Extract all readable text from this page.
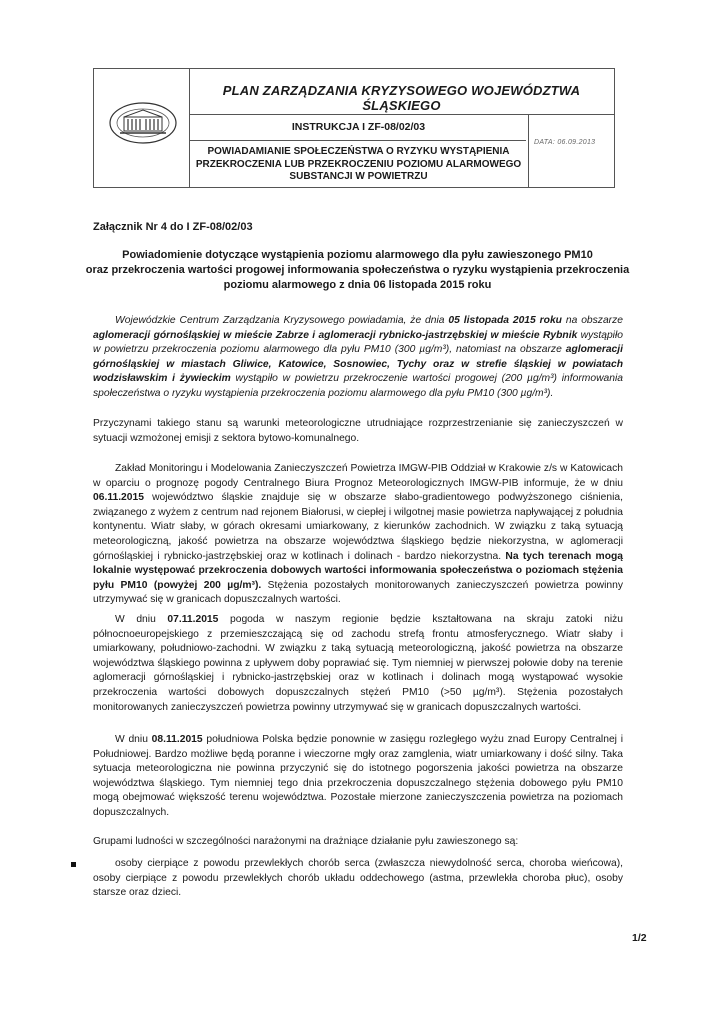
PLAN ZARZĄDZANIA KRYZYSOWEGO WOJEWÓDZTWA ŚLĄSKIEGO
INSTRUKCJA I ZF-08/02/03
POWIADAMIANIE SPOŁECZEŃSTWA O RYZYKU WYSTĄPIENIA
PRZEKROCZENIA LUB PRZEKROCZENIU POZIOMU ALARMOWEGO
SUBSTANCJI W POWIETRZU
DATA: 06.09.2013
Załącznik Nr 4 do I ZF-08/02/03
Powiadomienie dotyczące wystąpienia poziomu alarmowego dla pyłu zawieszonego PM10
oraz przekroczenia wartości progowej informowania społeczeństwa o ryzyku wystąpienia przekroczenia
poziomu alarmowego z dnia 06 listopada 2015 roku
Wojewódzkie Centrum Zarządzania Kryzysowego powiadamia, że dnia 05 listopada 2015 roku na obszarze aglomeracji górnośląskiej w mieście Zabrze i aglomeracji rybnicko-jastrzębskiej w mieście Rybnik wystąpiło w powietrzu przekroczenia poziomu alarmowego dla pyłu PM10 (300 µg/m³), natomiast na obszarze aglomeracji górnośląskiej w miastach Gliwice, Katowice, Sosnowiec, Tychy oraz w strefie śląskiej w powiatach wodzisławskim i żywieckim wystąpiło w powietrzu przekroczenie wartości progowej (200 µg/m³) informowania społeczeństwa o ryzyku wystąpienia przekroczenia poziomu alarmowego dla pyłu PM10 (300 µg/m³).
Przyczynami takiego stanu są warunki meteorologiczne utrudniające rozprzestrzenianie się zanieczyszczeń w sytuacji wzmożonej emisji z sektora bytowo-komunalnego.
Zakład Monitoringu i Modelowania Zanieczyszczeń Powietrza IMGW-PIB Oddział w Krakowie z/s w Katowicach w oparciu o prognozę pogody Centralnego Biura Prognoz Meteorologicznych IMGW-PIB informuje, że w dniu 06.11.2015 województwo śląskie znajduje się w obszarze słabo-gradientowego podwyższonego ciśnienia, związanego z wyżem z centrum nad rejonem Białorusi, w ciepłej i wilgotnej masie powietrza napływającej z południa kontynentu. Wiatr słaby, w górach okresami umiarkowany, z kierunków zachodnich. W związku z taką sytuacją meteorologiczną, jakość powietrza na obszarze województwa śląskiego będzie niekorzystna, w aglomeracji górnośląskiej i rybnicko-jastrzębskiej oraz w kotlinach i dolinach - bardzo niekorzystna. Na tych terenach mogą lokalnie występować przekroczenia dobowych wartości informowania społeczeństwa o poziomach stężenia pyłu PM10 (powyżej 200 µg/m³). Stężenia pozostałych monitorowanych zanieczyszczeń powietrza powinny utrzymywać się w granicach dopuszczalnych wartości.
W dniu 07.11.2015 pogoda w naszym regionie będzie kształtowana na skraju zatoki niżu północnoeuropejskiego z przemieszczającą się od zachodu strefą frontu atmosferycznego. Wiatr słaby i umiarkowany, południowo-zachodni. W związku z taką sytuacją meteorologiczną, jakość powietrza na obszarze województwa śląskiego powinna z upływem doby poprawiać się. Tym niemniej w pierwszej połowie doby na terenie aglomeracji górnośląskiej i rybnicko-jastrzębskiej oraz w kotlinach i dolinach mogą wystąpować wysokie przekroczenia wartości dobowych dopuszczalnych stężeń PM10 (>50 µg/m³). Stężenia pozostałych monitorowanych zanieczyszczeń powietrza powinny utrzymywać się w granicach dopuszczalnych wartości.
W dniu 08.11.2015 południowa Polska będzie ponownie w zasięgu rozległego wyżu znad Europy Centralnej i Południowej. Bardzo możliwe będą poranne i wieczorne mgły oraz zamglenia, wiatr umiarkowany i dość silny. Taka sytuacja meteorologiczna nie powinna przyczynić się do istotnego pogorszenia jakości powietrza na obszarze województwa śląskiego. Tym niemniej tego dnia przekroczenia dopuszczalnego stężenia dobowego pyłu PM10 mogą obejmować większość terenu województwa. Pozostałe mierzone zanieczyszczenia powietrza na poziomach dopuszczalnych.
Grupami ludności w szczególności narażonymi na drażniące działanie pyłu zawieszonego są:
osoby cierpiące z powodu przewlekłych chorób serca (zwłaszcza niewydolność serca, choroba wieńcowa), osoby cierpiące z powodu przewlekłych chorób układu oddechowego (astma, przewlekła choroba płuc), osoby starsze oraz dzieci.
1/2
